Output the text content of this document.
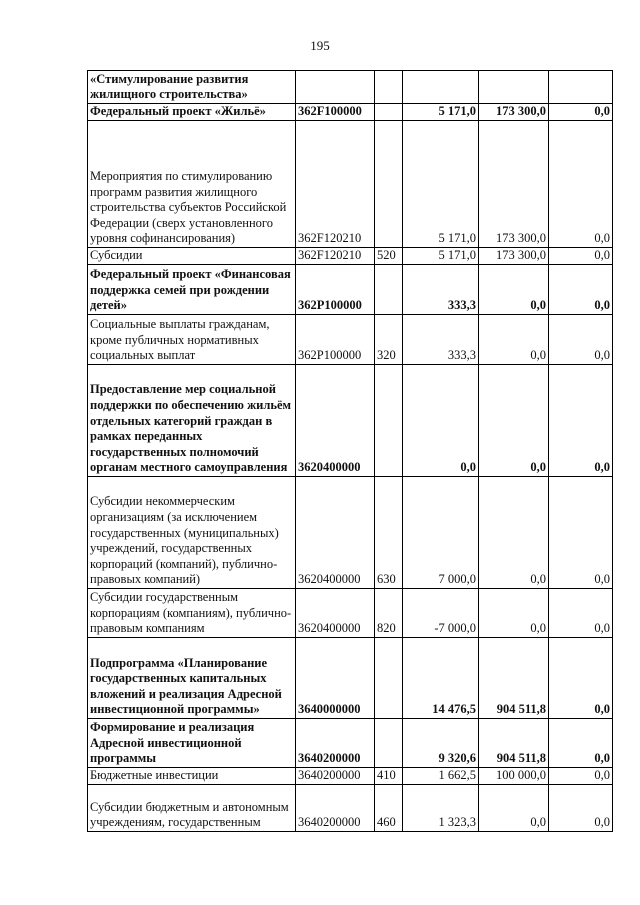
195
«Стимулирование развития жилищного строительства»					
Федеральный проект «Жильё»	362F100000		5 171,0	173 300,0	0,0
Мероприятия по стимулированию программ развития жилищного строительства субъектов Российской Федерации (сверх установленного уровня софинансирования)	362F120210		5 171,0	173 300,0	0,0
Субсидии	362F120210	520	5 171,0	173 300,0	0,0
Федеральный проект «Финансовая поддержка семей при рождении детей»	362P100000		333,3	0,0	0,0
Социальные выплаты гражданам, кроме публичных нормативных социальных выплат	362P100000	320	333,3	0,0	0,0
Предоставление мер социальной поддержки по обеспечению жильём отдельных категорий граждан в рамках переданных государственных полномочий органам местного самоуправления	3620400000		0,0	0,0	0,0
Субсидии некоммерческим организациям (за исключением государственных (муниципальных) учреждений, государственных корпораций (компаний), публично-правовых компаний)	3620400000	630	7 000,0	0,0	0,0
Субсидии государственным корпорациям (компаниям), публично-правовым компаниям	3620400000	820	-7 000,0	0,0	0,0
Подпрограмма «Планирование государственных капитальных вложений и реализация Адресной инвестиционной программы»	3640000000		14 476,5	904 511,8	0,0
Формирование и реализация Адресной инвестиционной программы	3640200000		9 320,6	904 511,8	0,0
Бюджетные инвестиции	3640200000	410	1 662,5	100 000,0	0,0
Субсидии бюджетным и автономным учреждениям, государственным	3640200000	460	1 323,3	0,0	0,0
